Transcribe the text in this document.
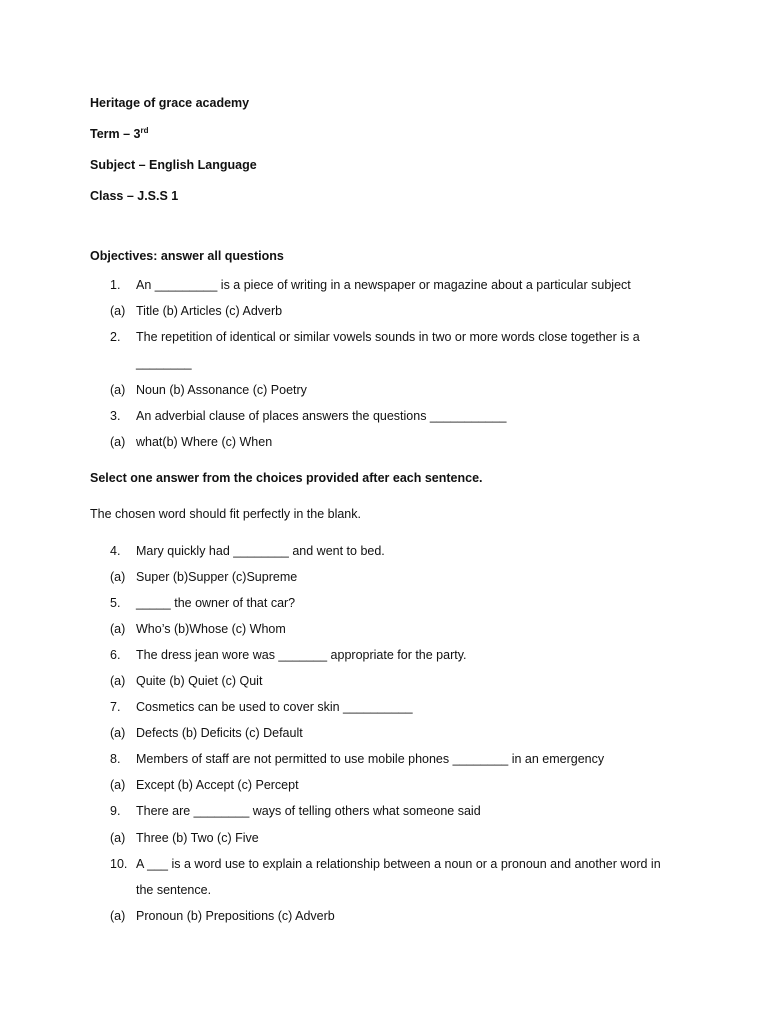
Heritage of grace academy
Term – 3rd
Subject – English Language
Class – J.S.S 1
Objectives: answer all questions
1. An _________ is a piece of writing in a newspaper or magazine about a particular subject
(a) Title (b) Articles (c) Adverb
2. The repetition of identical or similar vowels sounds in two or more words close together is a
________
(a) Noun (b) Assonance (c) Poetry
3. An adverbial clause of places answers the questions ___________
(a) what(b) Where (c) When
Select one answer from the choices provided after each sentence.
The chosen word should fit perfectly in the blank.
4. Mary quickly had ________ and went to bed.
(a) Super (b)Supper (c)Supreme
5. _____ the owner of that car?
(a) Who’s (b)Whose (c) Whom
6. The dress jean wore was _______ appropriate for the party.
(a) Quite (b) Quiet (c) Quit
7. Cosmetics can be used to cover skin __________
(a) Defects (b) Deficits (c) Default
8. Members of staff are not permitted to use mobile phones ________ in an emergency
(a) Except (b) Accept (c) Percept
9. There are ________ ways of telling others what someone said
(a) Three (b) Two (c) Five
10. A ___ is a word use to explain a relationship between a noun or a pronoun and another word in
the sentence.
(a) Pronoun (b) Prepositions (c) Adverb
